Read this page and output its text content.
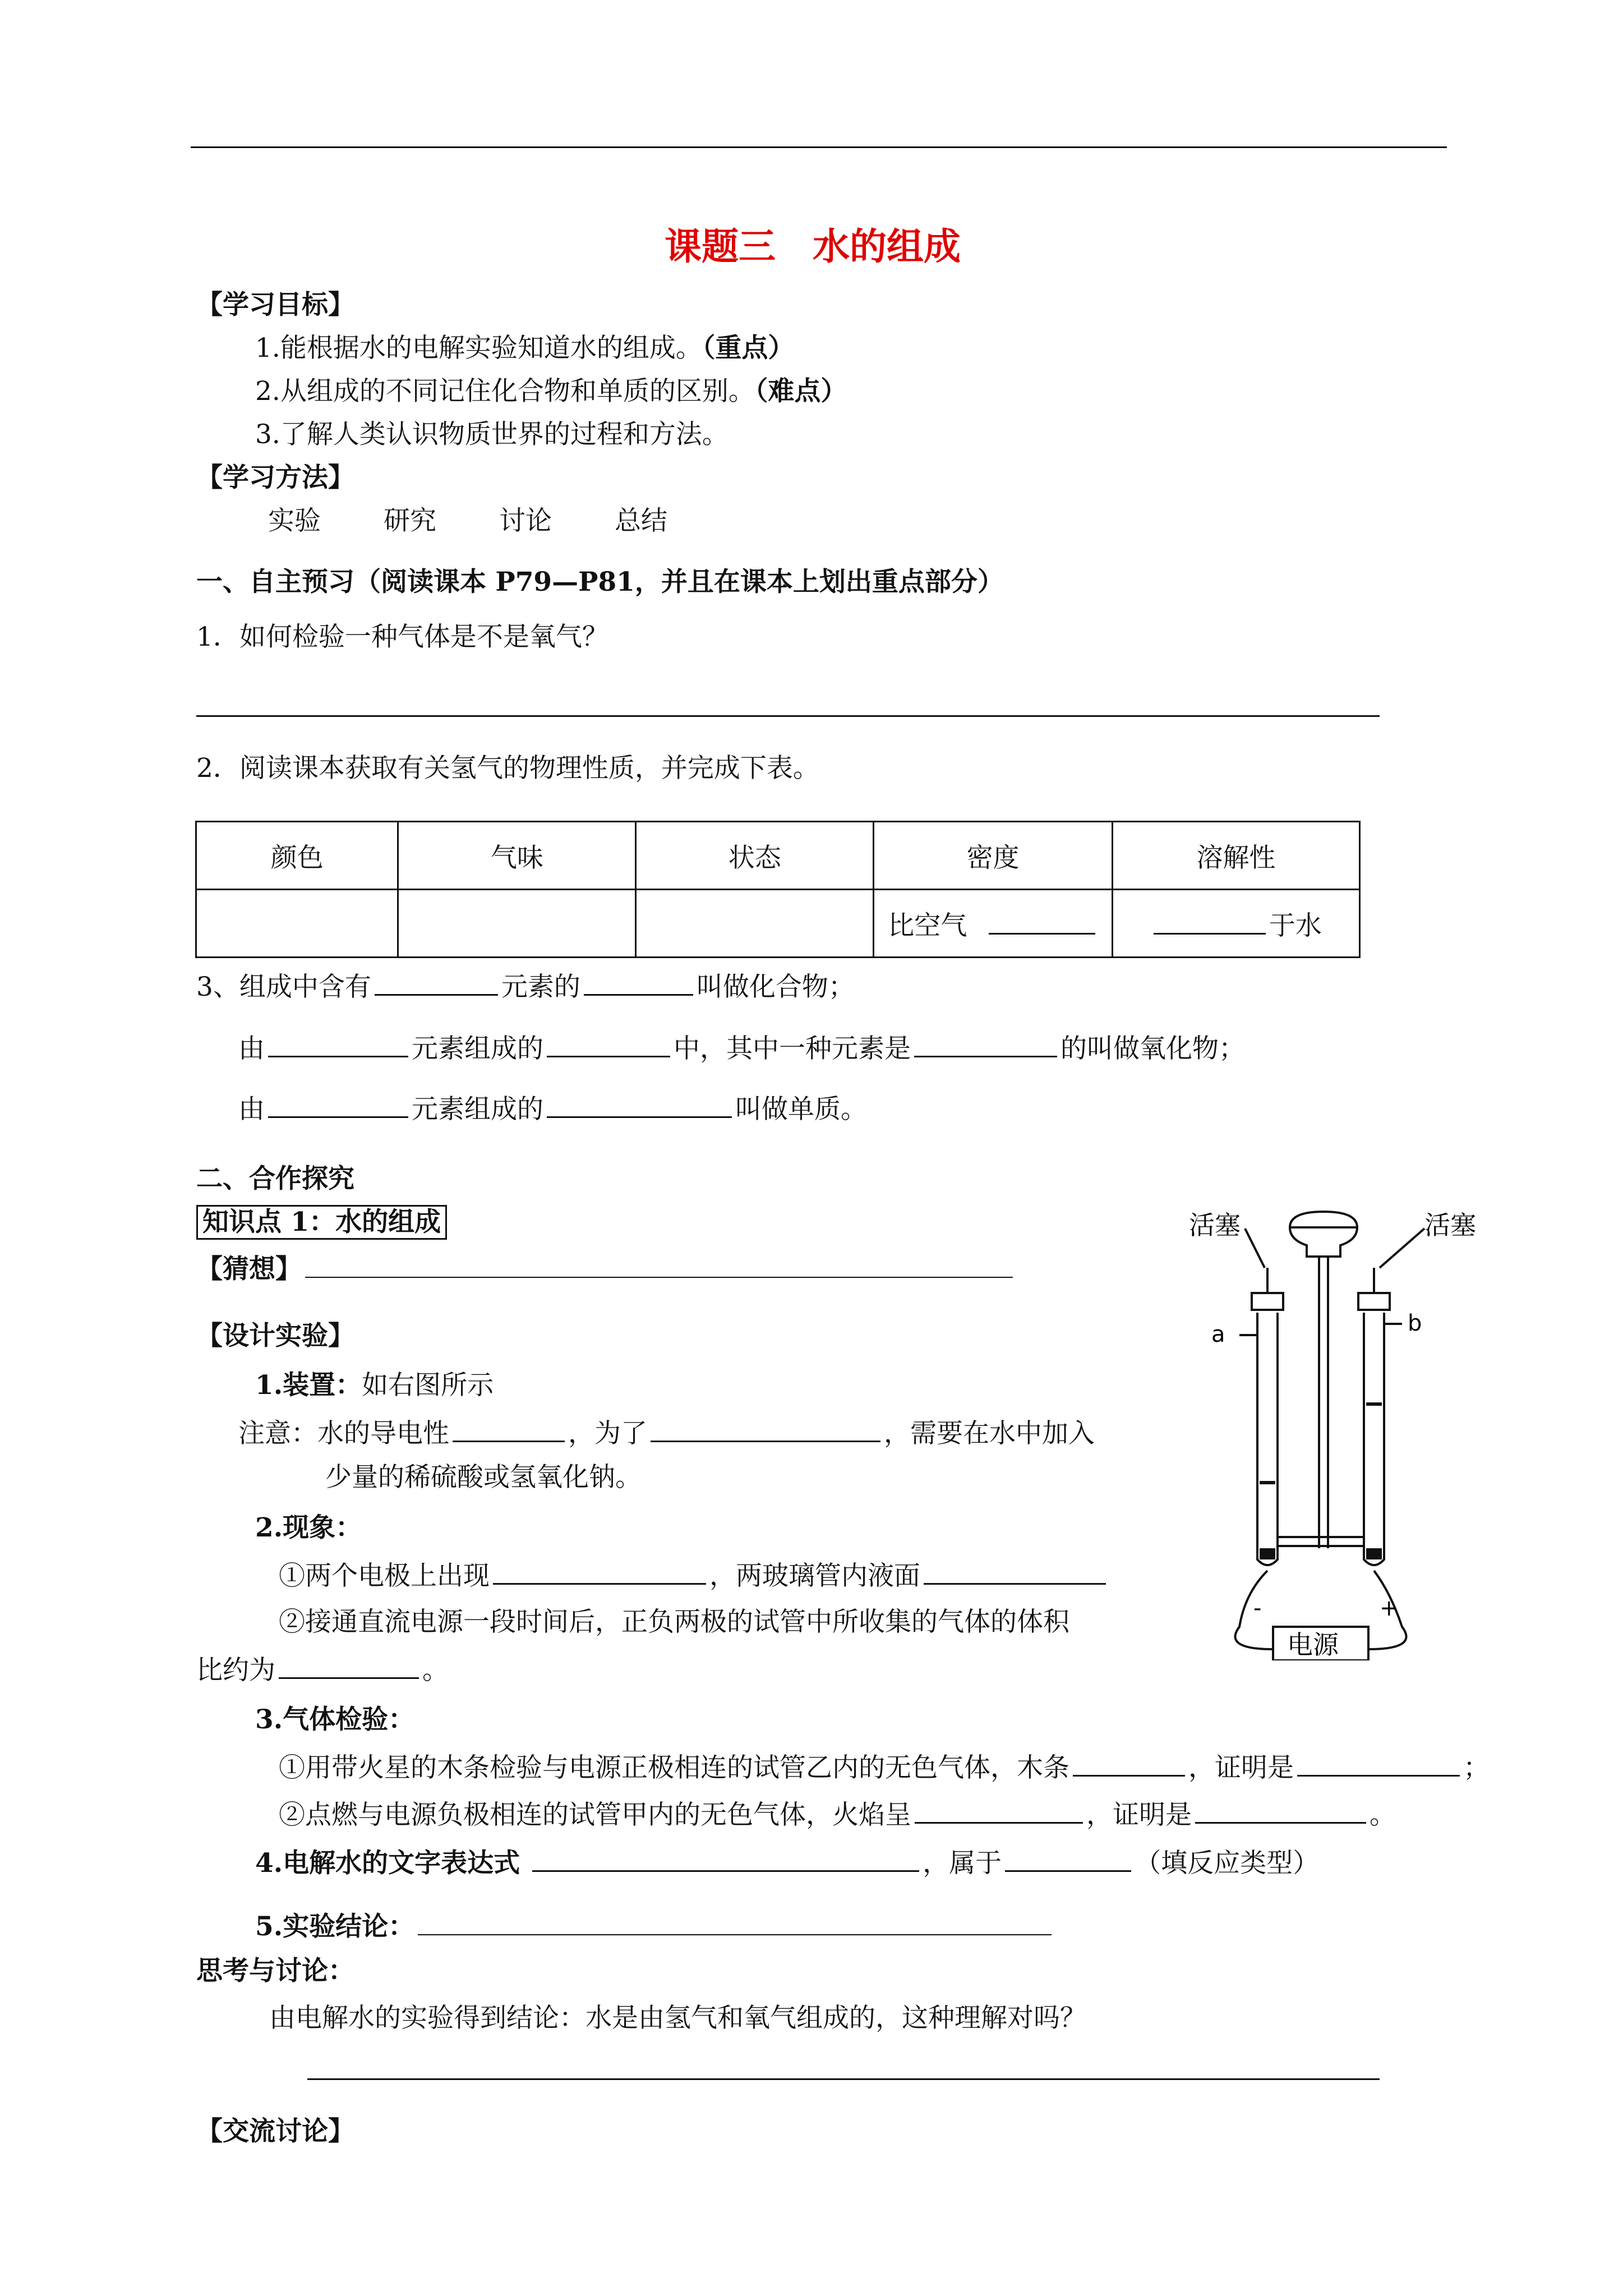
课题三　水的组成
【学习目标】
1.能根据水的电解实验知道水的组成。（重点）
2.从组成的不同记住化合物和单质的区别。（难点）
3.了解人类认识物质世界的过程和方法。
【学习方法】
实验 研究 讨论 总结
一、自主预习（阅读课本 P79—P81，并且在课本上划出重点部分）
1．如何检验一种气体是不是氧气？
2．阅读课本获取有关氢气的物理性质，并完成下表。
颜色	气味	状态	密度	溶解性
			比空气	于水
3、组成中含有	元素的	叫做化合物；
由	元素组成的	中，其中一种元素是	的叫做氧化物；
由	元素组成的	叫做单质。
二、合作探究
知识点 1：水的组成
【猜想】
【设计实验】
1.装置：如右图所示
注意：水的导电性	，为了	，需要在水中加入
少量的稀硫酸或氢氧化钠。
2.现象：
①两个电极上出现	，两玻璃管内液面
②接通直流电源一段时间后，正负两极的试管中所收集的气体的体积
比约为	。
3.气体检验：
①用带火星的木条检验与电源正极相连的试管乙内的无色气体，木条	，证明是	；
②点燃与电源负极相连的试管甲内的无色气体，火焰呈	，证明是	。
4.电解水的文字表达式	，属于	（填反应类型）
5.实验结论：
思考与讨论：
由电解水的实验得到结论：水是由氢气和氧气组成的，这种理解对吗？
【交流讨论】
活塞	活塞
a	b
-	+
电源
